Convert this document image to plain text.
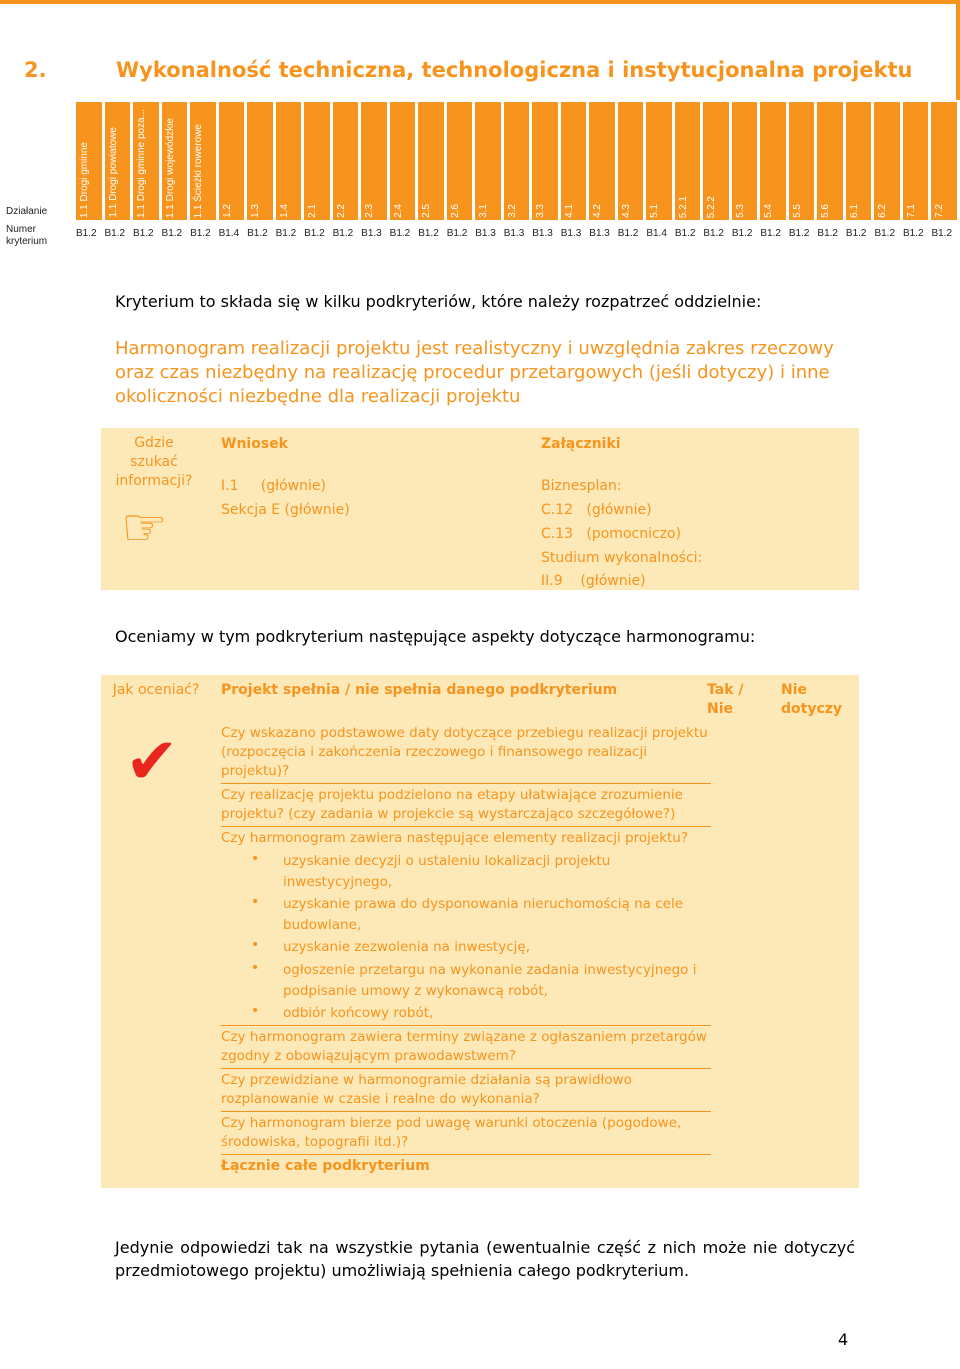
2.	Wykonalność techniczna, technologiczna i instytucjonalna projektu
Działanie
Numer kryterium
1.1 Drogi gminne 1.1 Drogi powiatowe 1.1 Drogi gminne poza... 1.1 Drogi wojewódzkie 1.1 Ścieżki rowerowe 1.2 1.3 1.4 2.1 2.2 2.3 2.4 2.5 2.6 3.1 3.2 3.3 4.1 4.2 4.3 5.1 5.2.1 5.2.2 5.3 5.4 5.5 5.6 6.1 6.2 7.1 7.2
B1.2 B1.2 B1.2 B1.2 B1.2 B1.4 B1.2 B1.2 B1.2 B1.2 B1.3 B1.2 B1.2 B1.2 B1.3 B1.3 B1.3 B1.3 B1.3 B1.2 B1.4 B1.2 B1.2 B1.2 B1.2 B1.2 B1.2 B1.2 B1.2 B1.2 B1.2
Kryterium to składa się w kilku podkryteriów, które należy rozpatrzeć oddzielnie:
Harmonogram realizacji projektu jest realistyczny i uwzględnia zakres rzeczowy oraz czas niezbędny na realizację procedur przetargowych (jeśli dotyczy) i inne okoliczności niezbędne dla realizacji projektu
Gdzie szukać informacji?
☞
Wniosek
I.1     (głównie)
Sekcja E (głównie)
Załączniki
Biznesplan:
C.12   (głównie)
C.13   (pomocniczo)
Studium wykonalności:
II.9    (głównie)
Oceniamy w tym podkryterium następujące aspekty dotyczące harmonogramu:
Jak oceniać?
✔
Projekt spełnia / nie spełnia danego podkryterium	Tak / Nie
Nie dotyczy
Czy wskazano podstawowe daty dotyczące przebiegu realizacji projektu (rozpoczęcia i zakończenia rzeczowego i finansowego realizacji projektu)?
Czy realizację projektu podzielono na etapy ułatwiające zrozumienie projektu? (czy zadania w projekcie są wystarczająco szczegółowe?)
Czy harmonogram zawiera następujące elementy realizacji projektu?
• uzyskanie decyzji o ustaleniu lokalizacji projektu inwestycyjnego,
• uzyskanie prawa do dysponowania nieruchomością na cele budowlane,
• uzyskanie zezwolenia na inwestycję,
• ogłoszenie przetargu na wykonanie zadania inwestycyjnego i podpisanie umowy z wykonawcą robót,
• odbiór końcowy robót,
Czy harmonogram zawiera terminy związane z ogłaszaniem przetargów zgodny z obowiązującym prawodawstwem?
Czy przewidziane w harmonogramie działania są prawidłowo rozplanowanie w czasie i realne do wykonania?
Czy harmonogram bierze pod uwagę warunki otoczenia (pogodowe, środowiska, topografii itd.)?
Łącznie całe podkryterium
Jedynie odpowiedzi tak na wszystkie pytania (ewentualnie część z nich może nie dotyczyć przedmiotowego projektu) umożliwiają spełnienia całego podkryterium.
4
